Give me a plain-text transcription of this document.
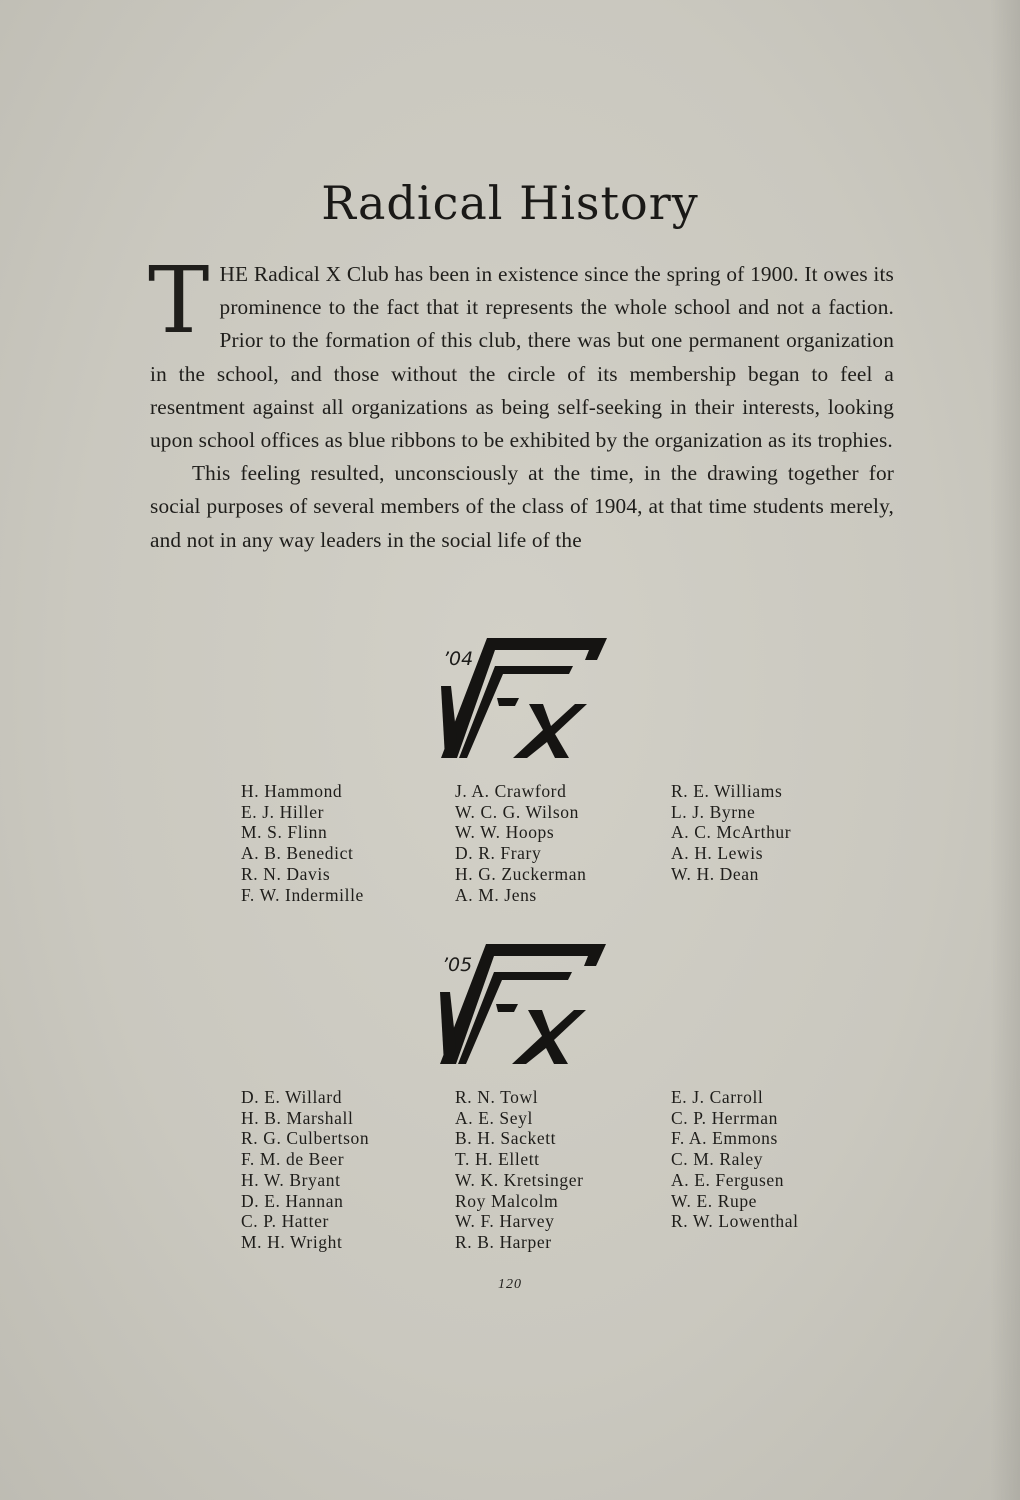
Radical History

THE Radical X Club has been in existence since the spring of 1900. It owes its prominence to the fact that it represents the whole school and not a faction. Prior to the formation of this club, there was but one permanent organization in the school, and those without the circle of its membership began to feel a resentment against all organizations as being self-seeking in their interests, looking upon school offices as blue ribbons to be exhibited by the organization as its trophies.

This feeling resulted, unconsciously at the time, in the drawing together for social purposes of several members of the class of 1904, at that time students merely, and not in any way leaders in the social life of the

’04
H. Hammond
E. J. Hiller
M. S. Flinn
A. B. Benedict
R. N. Davis
F. W. Indermille
J. A. Crawford
W. C. G. Wilson
W. W. Hoops
D. R. Frary
H. G. Zuckerman
A. M. Jens
R. E. Williams
L. J. Byrne
A. C. McArthur
A. H. Lewis
W. H. Dean
’05
D. E. Willard
H. B. Marshall
R. G. Culbertson
F. M. de Beer
H. W. Bryant
D. E. Hannan
C. P. Hatter
M. H. Wright
R. N. Towl
A. E. Seyl
B. H. Sackett
T. H. Ellett
W. K. Kretsinger
Roy Malcolm
W. F. Harvey
R. B. Harper
E. J. Carroll
C. P. Herrman
F. A. Emmons
C. M. Raley
A. E. Fergusen
W. E. Rupe
R. W. Lowenthal
120
